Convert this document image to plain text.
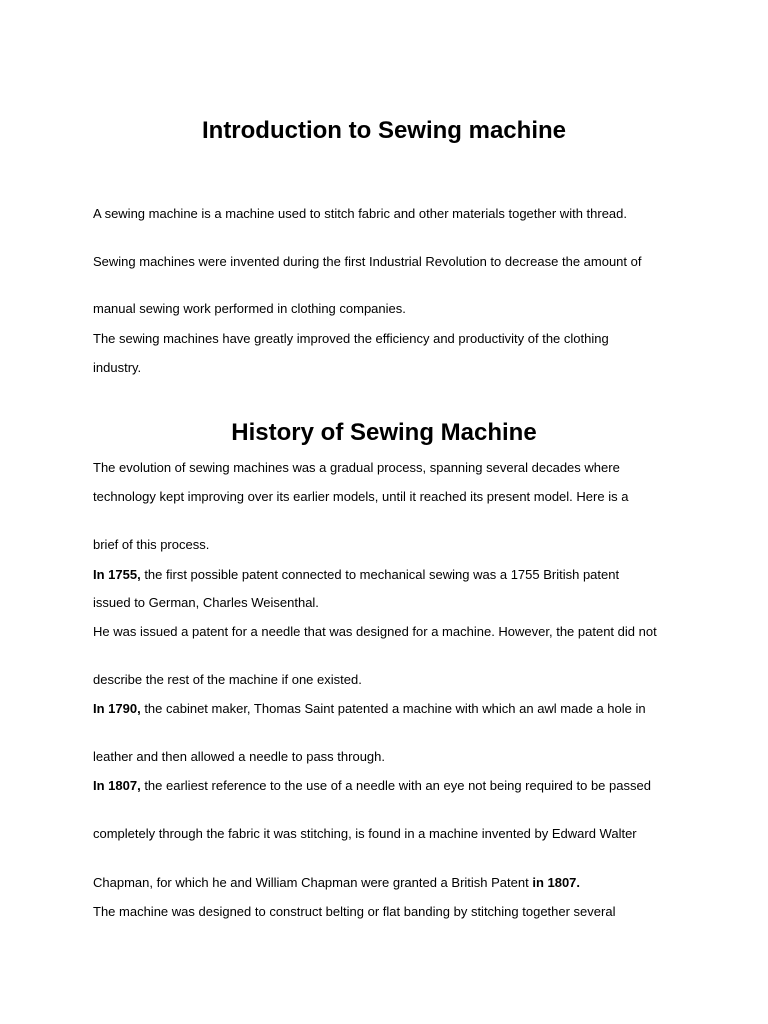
Introduction to Sewing machine

A sewing machine is a machine used to stitch fabric and other materials together with thread.

Sewing machines were invented during the first Industrial Revolution to decrease the amount of

manual sewing work performed in clothing companies.

The sewing machines have greatly improved the efficiency and productivity of the clothing

industry.

History of Sewing Machine

The evolution of sewing machines was a gradual process, spanning several decades where

technology kept improving over its earlier models, until it reached its present model. Here is a

brief of this process.

In 1755, the first possible patent connected to mechanical sewing was a 1755 British patent

issued to German, Charles Weisenthal.

He was issued a patent for a needle that was designed for a machine. However, the patent did not

describe the rest of the machine if one existed.

In 1790, the cabinet maker, Thomas Saint patented a machine with which an awl made a hole in

leather and then allowed a needle to pass through.

In 1807, the earliest reference to the use of a needle with an eye not being required to be passed

completely through the fabric it was stitching, is found in a machine invented by Edward Walter

Chapman, for which he and William Chapman were granted a British Patent in 1807.

The machine was designed to construct belting or flat banding by stitching together several
